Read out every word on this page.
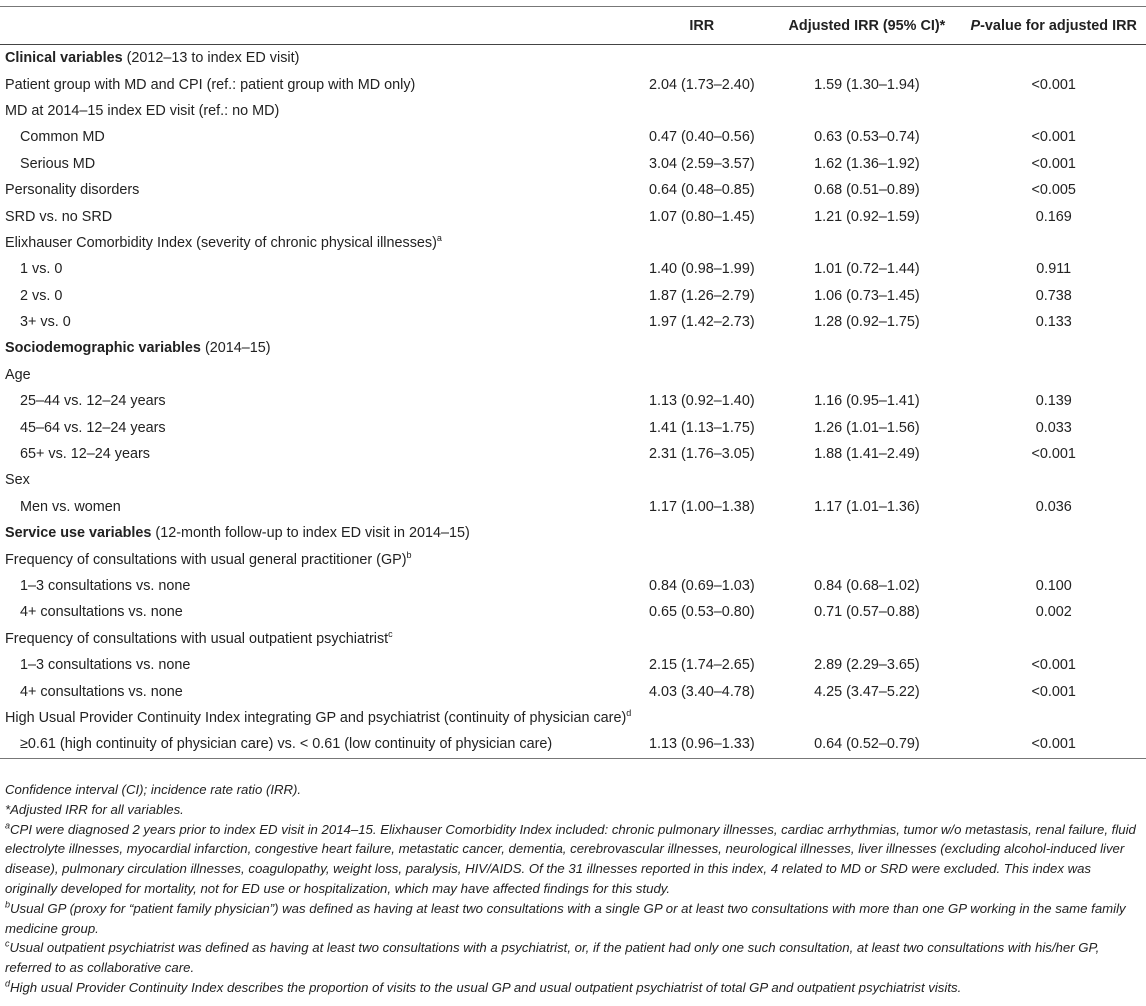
	IRR	Adjusted IRR (95% CI)*	P-value for adjusted IRR
Clinical variables (2012–13 to index ED visit)			
Patient group with MD and CPI (ref.: patient group with MD only)	2.04 (1.73–2.40)	1.59 (1.30–1.94)	<0.001
MD at 2014–15 index ED visit (ref.: no MD)			
Common MD	0.47 (0.40–0.56)	0.63 (0.53–0.74)	<0.001
Serious MD	3.04 (2.59–3.57)	1.62 (1.36–1.92)	<0.001
Personality disorders	0.64 (0.48–0.85)	0.68 (0.51–0.89)	<0.005
SRD vs. no SRD	1.07 (0.80–1.45)	1.21 (0.92–1.59)	0.169
Elixhauser Comorbidity Index (severity of chronic physical illnesses)$^a$			
1 vs. 0	1.40 (0.98–1.99)	1.01 (0.72–1.44)	0.911
2 vs. 0	1.87 (1.26–2.79)	1.06 (0.73–1.45)	0.738
3+ vs. 0	1.97 (1.42–2.73)	1.28 (0.92–1.75)	0.133
Sociodemographic variables (2014–15)			
Age			
25–44 vs. 12–24 years	1.13 (0.92–1.40)	1.16 (0.95–1.41)	0.139
45–64 vs. 12–24 years	1.41 (1.13–1.75)	1.26 (1.01–1.56)	0.033
65+ vs. 12–24 years	2.31 (1.76–3.05)	1.88 (1.41–2.49)	<0.001
Sex			
Men vs. women	1.17 (1.00–1.38)	1.17 (1.01–1.36)	0.036
Service use variables (12-month follow-up to index ED visit in 2014–15)			
Frequency of consultations with usual general practitioner (GP)$^b$			
1–3 consultations vs. none	0.84 (0.69–1.03)	0.84 (0.68–1.02)	0.100
4+ consultations vs. none	0.65 (0.53–0.80)	0.71 (0.57–0.88)	0.002
Frequency of consultations with usual outpatient psychiatrist$^c$			
1–3 consultations vs. none	2.15 (1.74–2.65)	2.89 (2.29–3.65)	<0.001
4+ consultations vs. none	4.03 (3.40–4.78)	4.25 (3.47–5.22)	<0.001
High Usual Provider Continuity Index integrating GP and psychiatrist (continuity of physician care)$^d$			
≥0.61 (high continuity of physician care) vs. < 0.61 (low continuity of physician care)	1.13 (0.96–1.33)	0.64 (0.52–0.79)	<0.001

Confidence interval (CI); incidence rate ratio (IRR).

*Adjusted IRR for all variables.

$^a$CPI were diagnosed 2 years prior to index ED visit in 2014–15. Elixhauser Comorbidity Index included: chronic pulmonary illnesses, cardiac arrhythmias, tumor w/o metastasis, renal failure, fluid electrolyte illnesses, myocardial infarction, congestive heart failure, metastatic cancer, dementia, cerebrovascular illnesses, neurological illnesses, liver illnesses (excluding alcohol-induced liver disease), pulmonary circulation illnesses, coagulopathy, weight loss, paralysis, HIV/AIDS. Of the 31 illnesses reported in this index, 4 related to MD or SRD were excluded. This index was originally developed for mortality, not for ED use or hospitalization, which may have affected findings for this study.

$^b$Usual GP (proxy for “patient family physician”) was defined as having at least two consultations with a single GP or at least two consultations with more than one GP working in the same family medicine group.

$^c$Usual outpatient psychiatrist was defined as having at least two consultations with a psychiatrist, or, if the patient had only one such consultation, at least two consultations with his/her GP, referred to as collaborative care.

$^d$High usual Provider Continuity Index describes the proportion of visits to the usual GP and usual outpatient psychiatrist of total GP and outpatient psychiatrist visits.
